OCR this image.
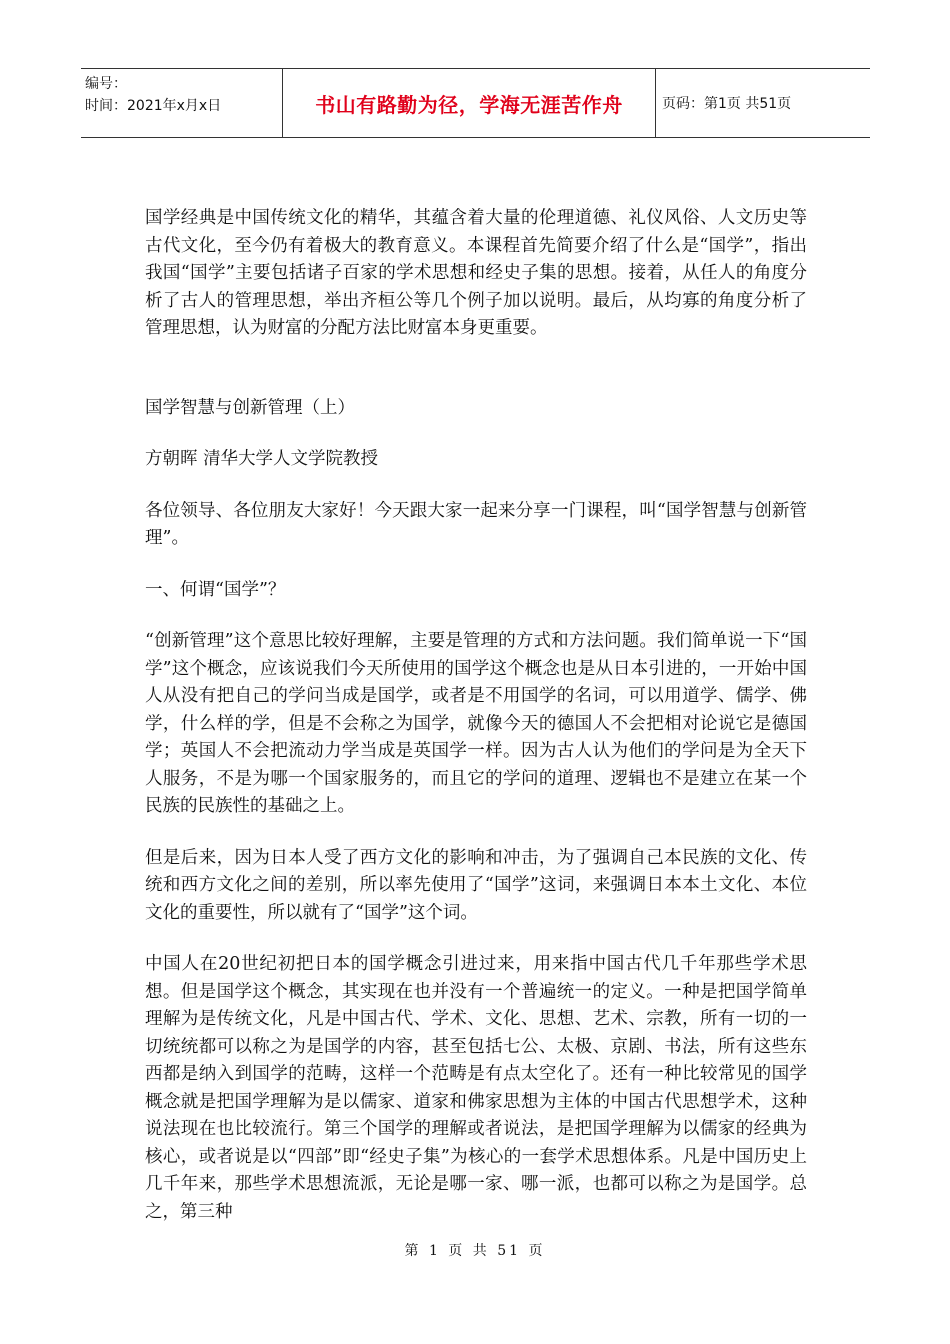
编号：
时间：2021年x月x日	书山有路勤为径，学海无涯苦作舟	页码：第1页 共51页

国学经典是中国传统文化的精华，其蕴含着大量的伦理道德、礼仪风俗、人文历史等古代文化，至今仍有着极大的教育意义。本课程首先简要介绍了什么是“国学”，指出我国“国学”主要包括诸子百家的学术思想和经史子集的思想。接着，从任人的角度分析了古人的管理思想，举出齐桓公等几个例子加以说明。最后，从均寡的角度分析了管理思想，认为财富的分配方法比财富本身更重要。

国学智慧与创新管理（上）

方朝晖 清华大学人文学院教授

各位领导、各位朋友大家好！今天跟大家一起来分享一门课程，叫“国学智慧与创新管理”。

一、何谓“国学”？

“创新管理”这个意思比较好理解，主要是管理的方式和方法问题。我们简单说一下“国学”这个概念，应该说我们今天所使用的国学这个概念也是从日本引进的，一开始中国人从没有把自己的学问当成是国学，或者是不用国学的名词，可以用道学、儒学、佛学，什么样的学，但是不会称之为国学，就像今天的德国人不会把相对论说它是德国学；英国人不会把流动力学当成是英国学一样。因为古人认为他们的学问是为全天下人服务，不是为哪一个国家服务的，而且它的学问的道理、逻辑也不是建立在某一个民族的民族性的基础之上。

但是后来，因为日本人受了西方文化的影响和冲击，为了强调自己本民族的文化、传统和西方文化之间的差别，所以率先使用了“国学”这词，来强调日本本土文化、本位文化的重要性，所以就有了“国学”这个词。

中国人在20世纪初把日本的国学概念引进过来，用来指中国古代几千年那些学术思想。但是国学这个概念，其实现在也并没有一个普遍统一的定义。一种是把国学简单理解为是传统文化，凡是中国古代、学术、文化、思想、艺术、宗教，所有一切的一切统统都可以称之为是国学的内容，甚至包括七公、太极、京剧、书法，所有这些东西都是纳入到国学的范畴，这样一个范畴是有点太空化了。还有一种比较常见的国学概念就是把国学理解为是以儒家、道家和佛家思想为主体的中国古代思想学术，这种说法现在也比较流行。第三个国学的理解或者说法，是把国学理解为以儒家的经典为核心，或者说是以“四部”即“经史子集”为核心的一套学术思想体系。凡是中国历史上几千年来，那些学术思想流派，无论是哪一家、哪一派，也都可以称之为是国学。总之，第三种

第 1 页 共 51 页
